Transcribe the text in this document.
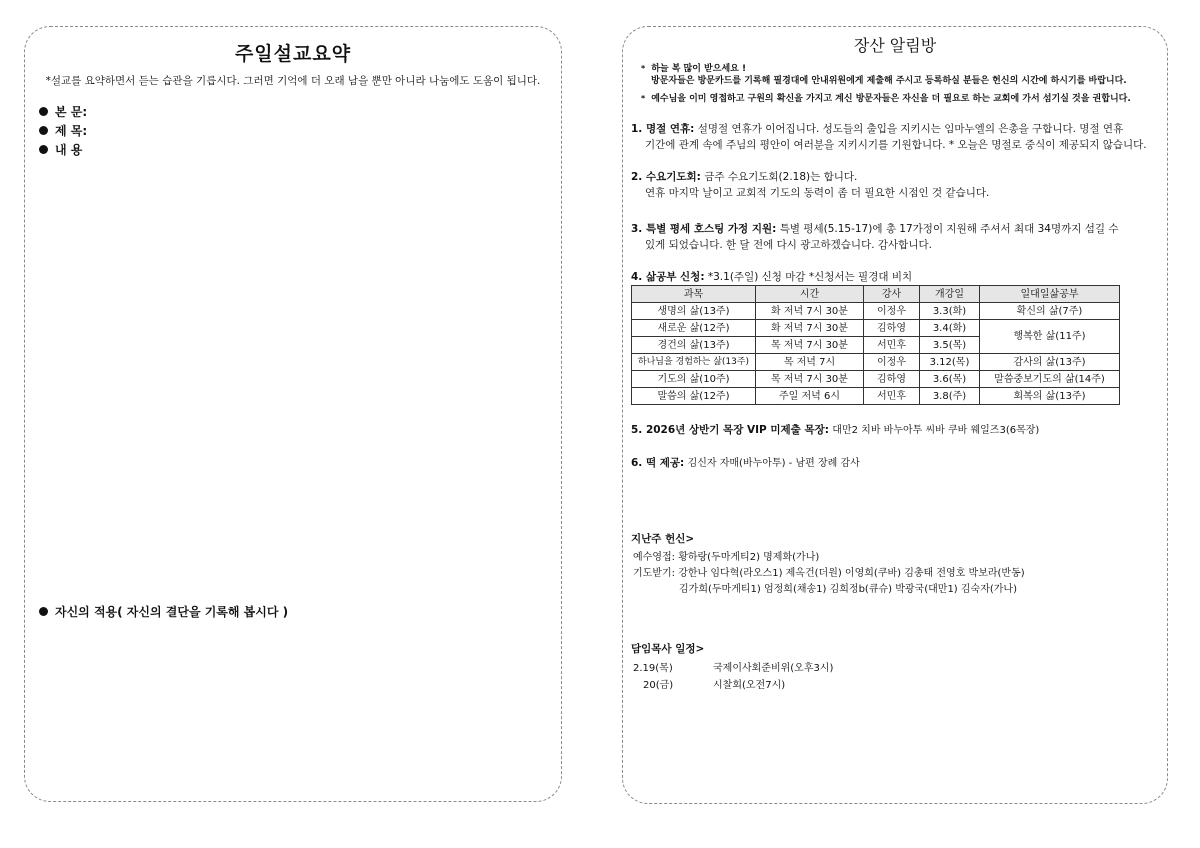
주일설교요약
*설교를 요약하면서 듣는 습관을 기릅시다. 그러면 기억에 더 오래 남을 뿐만 아니라 나눔에도 도움이 됩니다.
본 문:
제 목:
내 용
자신의 적용( 자신의 결단을 기록해 봅시다 )
장산 알림방
* 하늘 복 많이 받으세요 !
방문자들은 방문카드를 기록해 필경대에 안내위원에게 제출해 주시고 등록하실 분들은 헌신의 시간에 하시기를 바랍니다.
* 예수님을 이미 영접하고 구원의 확신을 가지고 계신 방문자들은 자신을 더 필요로 하는 교회에 가서 섬기실 것을 권합니다.
1. 명절 연휴: 설명절 연휴가 이어집니다. 성도들의 출입을 지키시는 임마누엘의 은총을 구합니다. 명절 연휴
기간에 관계 속에 주님의 평안이 여러분을 지키시기를 기원합니다. * 오늘은 명절로 중식이 제공되지 않습니다.
2. 수요기도회: 금주 수요기도회(2.18)는 합니다.
연휴 마지막 날이고 교회적 기도의 동력이 좀 더 필요한 시점인 것 같습니다.
3. 특별 평세 호스팅 가정 지원: 특별 평세(5.15-17)에 총 17가정이 지원해 주셔서 최대 34명까지 섬길 수
있게 되었습니다. 한 달 전에 다시 광고하겠습니다. 감사합니다.
4. 삶공부 신청: *3.1(주일) 신청 마감 *신청서는 필경대 비치
과목	시간	강사	개강일	일대일삶공부
생명의 삶(13주)	화 저녁 7시 30분	이정우	3.3(화)	확신의 삶(7주)
새로운 삶(12주)	화 저녁 7시 30분	김하영	3.4(화)	행복한 삶(11주)
경건의 삶(13주)	목 저녁 7시 30분	서민후	3.5(목)	
하나님을 경험하는 삶(13주)	목 저녁 7시	이정우	3.12(목)	감사의 삶(13주)
기도의 삶(10주)	목 저녁 7시 30분	김하영	3.6(목)	말씀중보기도의 삶(14주)
말씀의 삶(12주)	주일 저녁 6시	서민후	3.8(주)	회복의 삶(13주)
5. 2026년 상반기 목장 VIP 미제출 목장: 대만2 치바 바누아투 씨바 쿠바 웨일즈3(6목장)
6. 떡 제공: 김신자 자매(바누아투) - 남편 장례 감사
지난주 헌신>
예수영접: 황하랑(두마게티2) 명제화(가나)
기도받기: 강한나 임다혁(라오스1) 제옥건(더원) 이영희(쿠바) 김총태 전영호 박보라(반동)
김가희(두마게티1) 엄정희(채송1) 김희정b(큐슈) 박광국(대만1) 김숙자(가나)
담임목사 일정>
2.19(목)	국제이사회준비위(오후3시)
20(금)	시찰회(오전7시)
